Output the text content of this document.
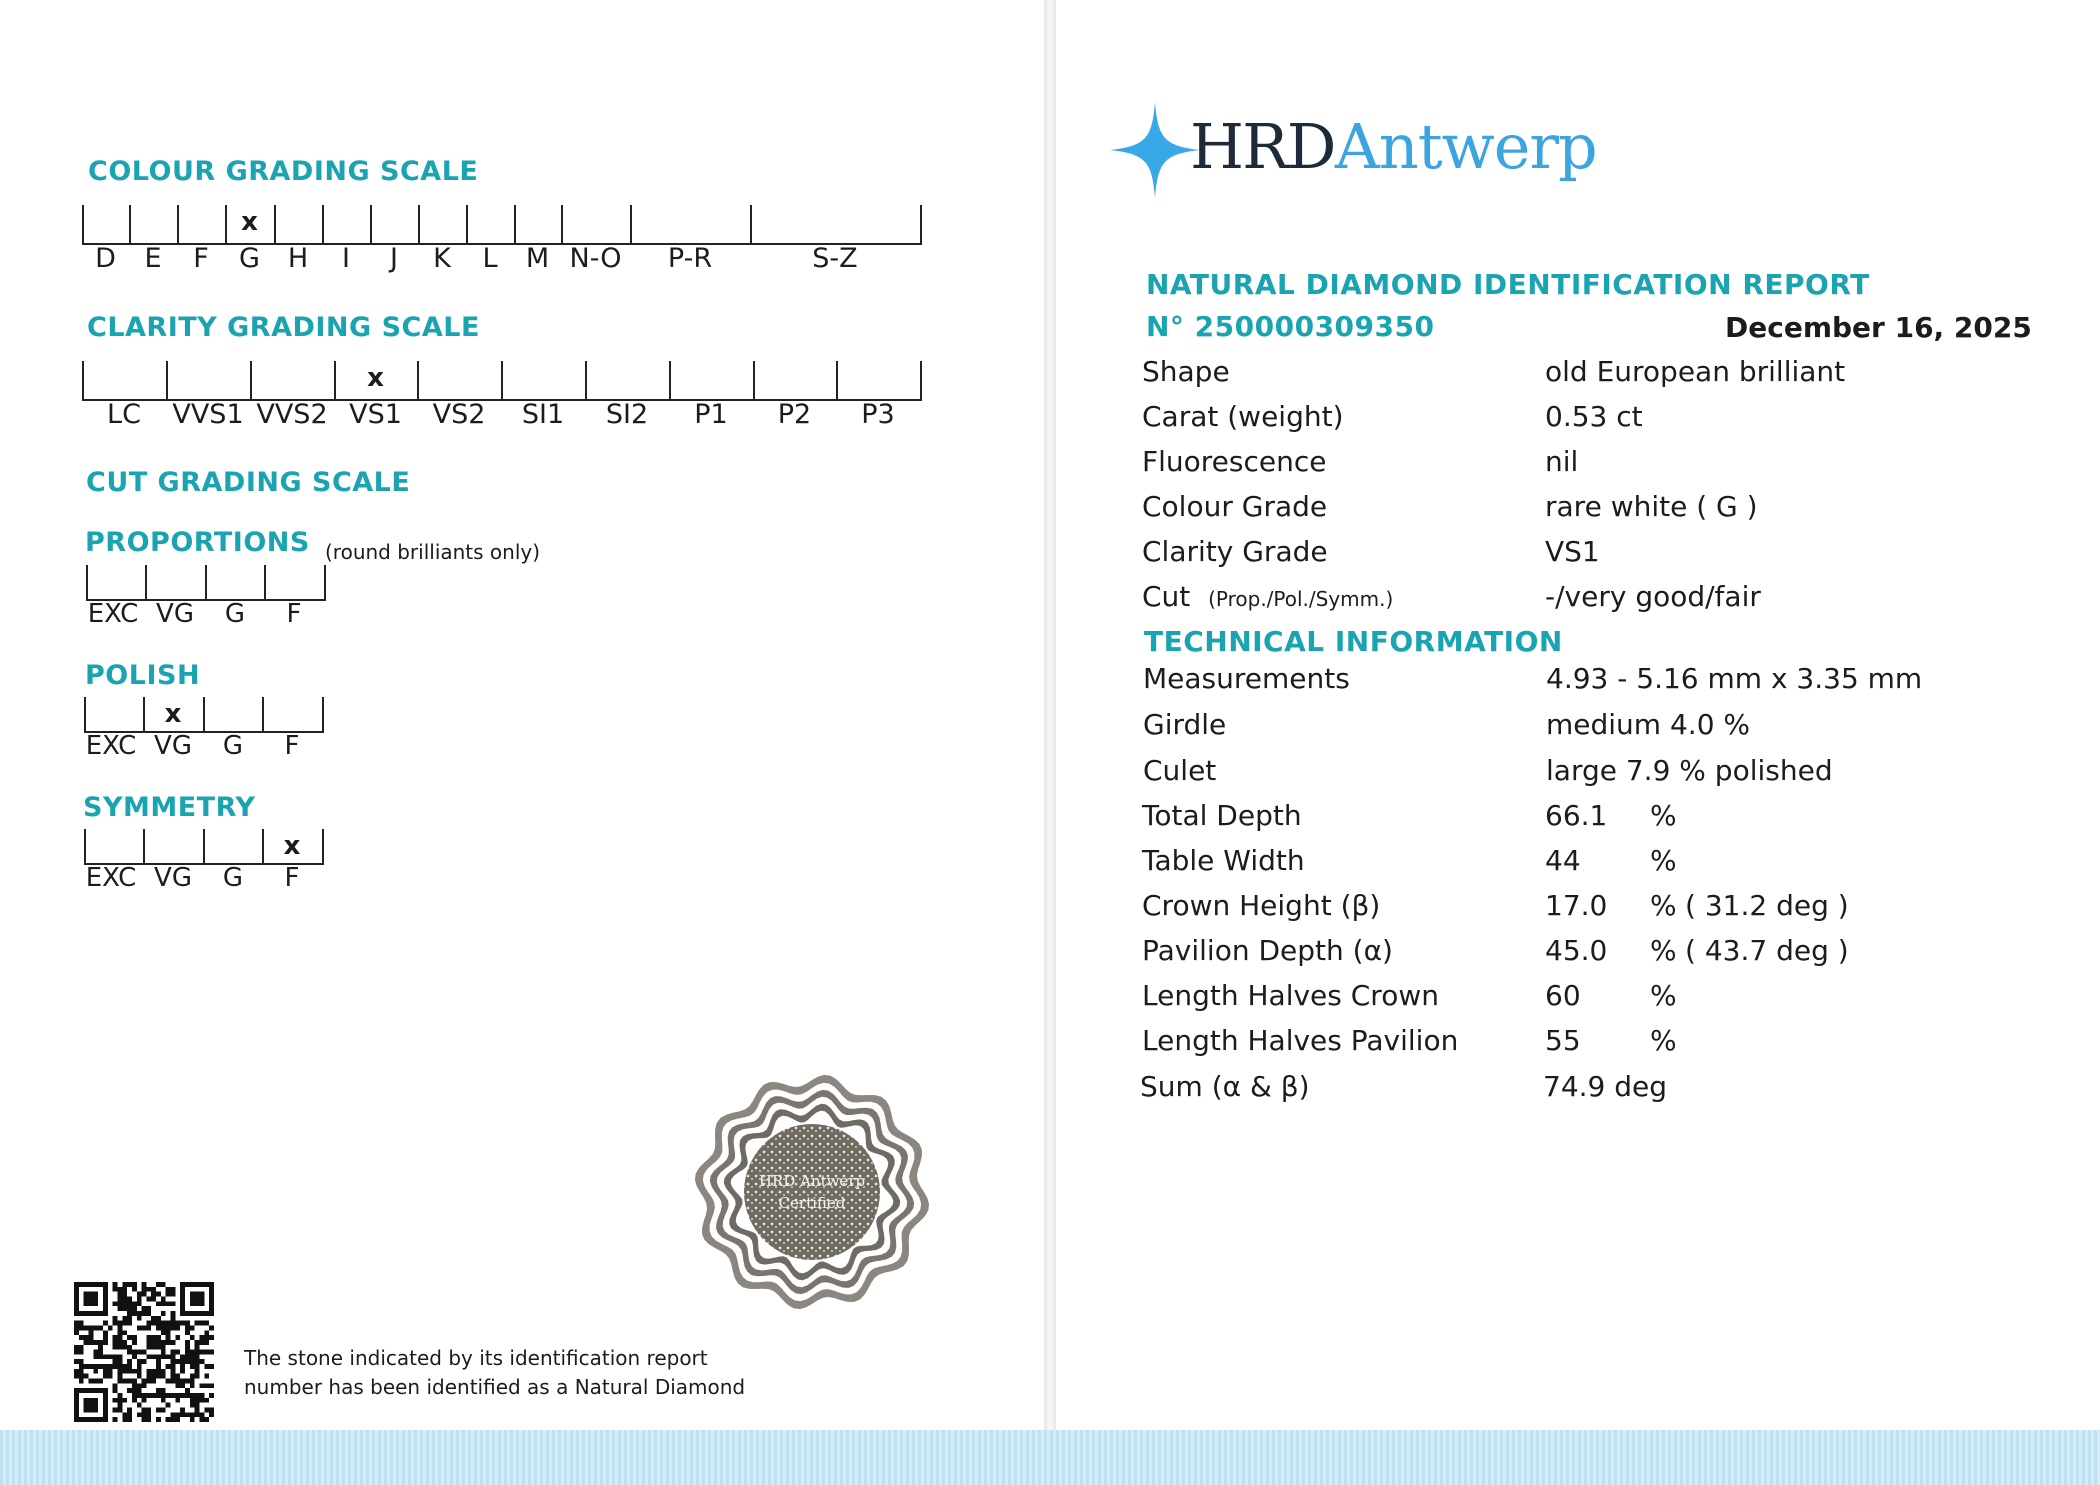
COLOUR GRADING SCALE
D	E	F	G	H	I	J	K	L	M N-O	P-R	S-Z
x
CLARITY GRADING SCALE
LC	VVS1 VVS2 VS1	VS2	SI1	SI2	P1	P2	P3
x
CUT GRADING SCALE
PROPORTIONS (round brilliants only)
EXC VG	G	F
POLISH
EXC VG	G	F
x
SYMMETRY
EXC VG	G	F
x
HRD Antwerp
Certified
The stone indicated by its identification report
number has been identified as a Natural Diamond
HRD Antwerp
NATURAL DIAMOND IDENTIFICATION REPORT
N° 250000309350	December 16, 2025
Shape	old European brilliant
Carat (weight)	0.53 ct
Fluorescence	nil
Colour Grade	rare white ( G )
Clarity Grade	VS1
Cut (Prop./Pol./Symm.)	-/very good/fair
TECHNICAL INFORMATION
Measurements	4.93 - 5.16 mm x 3.35 mm
Girdle	medium 4.0 %
Culet	large 7.9 % polished
Total Depth	66.1 %
Table Width	44 %
Crown Height (β)	17.0 % ( 31.2 deg )
Pavilion Depth (α)	45.0 % ( 43.7 deg )
Length Halves Crown	60 %
Length Halves Pavilion	55 %
Sum (α & β)	74.9 deg
